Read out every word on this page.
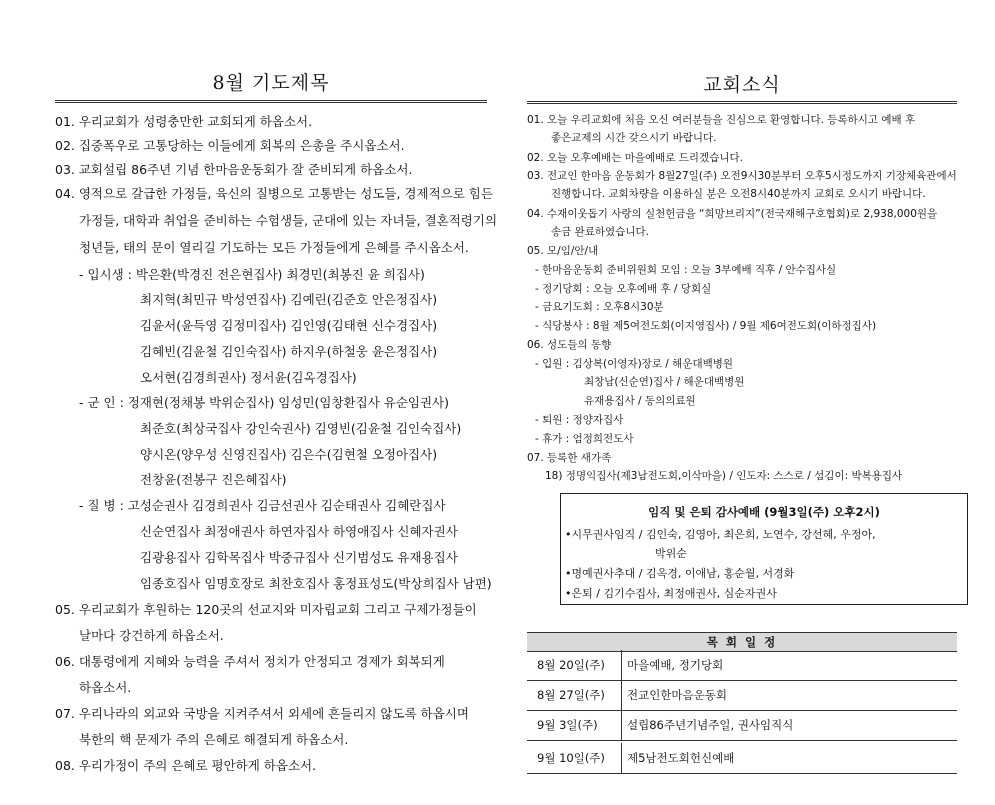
8월 기도제목
01. 우리교회가 성령충만한 교회되게 하옵소서.
02. 집중폭우로 고통당하는 이들에게 회복의 은총을 주시옵소서.
03. 교회설립 86주년 기념 한마음운동회가 잘 준비되게 하옵소서.
04. 영적으로 갈급한 가정들, 육신의 질병으로 고통받는 성도들, 경제적으로 힘든
가정들, 대학과 취업을 준비하는 수험생들, 군대에 있는 자녀들, 결혼적령기의
청년들, 태의 문이 열리길 기도하는 모든 가정들에게 은혜를 주시옵소서.
- 입시생 : 박은환(박경진 전은현집사) 최경민(최봉진 윤 희집사)
최지혁(최민규 박성연집사) 김예린(김준호 안은정집사)
김윤서(윤득영 김정미집사) 김인영(김태현 신수경집사)
김혜빈(김윤철 김인숙집사) 하지우(하철웅 윤은정집사)
오서현(김경희권사) 정서윤(김옥경집사)
- 군 인 : 정재현(정채봉 박위순집사) 임성민(임창환집사 유순임권사)
최준호(최상국집사 강인숙권사) 김영빈(김윤철 김인숙집사)
양시온(양우성 신영진집사) 김은수(김현철 오정아집사)
전창윤(전봉구 진은혜집사)
- 질 병 : 고성순권사 김경희권사 김금선권사 김순태권사 김혜란집사
신순연집사 최정애권사 하연자집사 하영애집사 신혜자권사
김광용집사 김학목집사 박중규집사 신기범성도 유재용집사
임종호집사 임명호장로 최찬호집사 홍정표성도(박상희집사 남편)
05. 우리교회가 후원하는 120곳의 선교지와 미자립교회 그리고 구제가정들이
날마다 강건하게 하옵소서.
06. 대통령에게 지혜와 능력을 주셔서 정치가 안정되고 경제가 회복되게
하옵소서.
07. 우리나라의 외교와 국방을 지켜주셔서 외세에 흔들리지 않도록 하옵시며
북한의 핵 문제가 주의 은혜로 해결되게 하옵소서.
08. 우리가정이 주의 은혜로 평안하게 하옵소서.
교회소식
01. 오늘 우리교회에 처음 오신 여러분들을 진심으로 환영합니다. 등록하시고 예배 후
좋은교제의 시간 갖으시기 바랍니다.
02. 오늘 오후예배는 마을예배로 드리겠습니다.
03. 전교인 한마음 운동회가 8월27일(주) 오전9시30분부터 오후5시정도까지 기장체육관에서
진행합니다. 교회차량을 이용하실 분은 오전8시40분까지 교회로 오시기 바랍니다.
04. 수재이웃돕기 사랑의 실천헌금을 “희망브리지”(전국재해구호협회)로 2,938,000원을
송금 완료하였습니다.
05. 모/임/안/내
- 한마음운동회 준비위원회 모임 : 오늘 3부예배 직후 / 안수집사실
- 정기당회 : 오늘 오후예배 후 / 당회실
- 금요기도회 : 오후8시30분
- 식당봉사 : 8월 제5여전도회(이지영집사) / 9월 제6여전도회(이하정집사)
06. 성도들의 동향
- 입원 : 김상복(이영자)장로 / 해운대백병원
최창남(신순연)집사 / 해운대백병원
유재용집사 / 동의의료원
- 퇴원 : 정양자집사
- 휴가 : 엄정희전도사
07. 등록한 새가족
18) 정명익집사(제3남전도회,이삭마을) / 인도자: 스스로 / 섬김이: 박복용집사
임직 및 은퇴 감사예배 (9월3일(주) 오후2시)
•시무권사임직 / 김인숙, 김영아, 최은희, 노연수, 강선혜, 우정아,
박위순
•명예권사추대 / 김옥경, 이애남, 홍순월, 서경화
•은퇴 / 김기수집사, 최정애권사, 심순자권사
목 회 일 정
8월 20일(주)	마을예배, 정기당회
8월 27일(주)	전교인한마음운동회
9월 3일(주)	설립86주년기념주일, 권사임직식
9월 10일(주)	제5남전도회헌신예배
